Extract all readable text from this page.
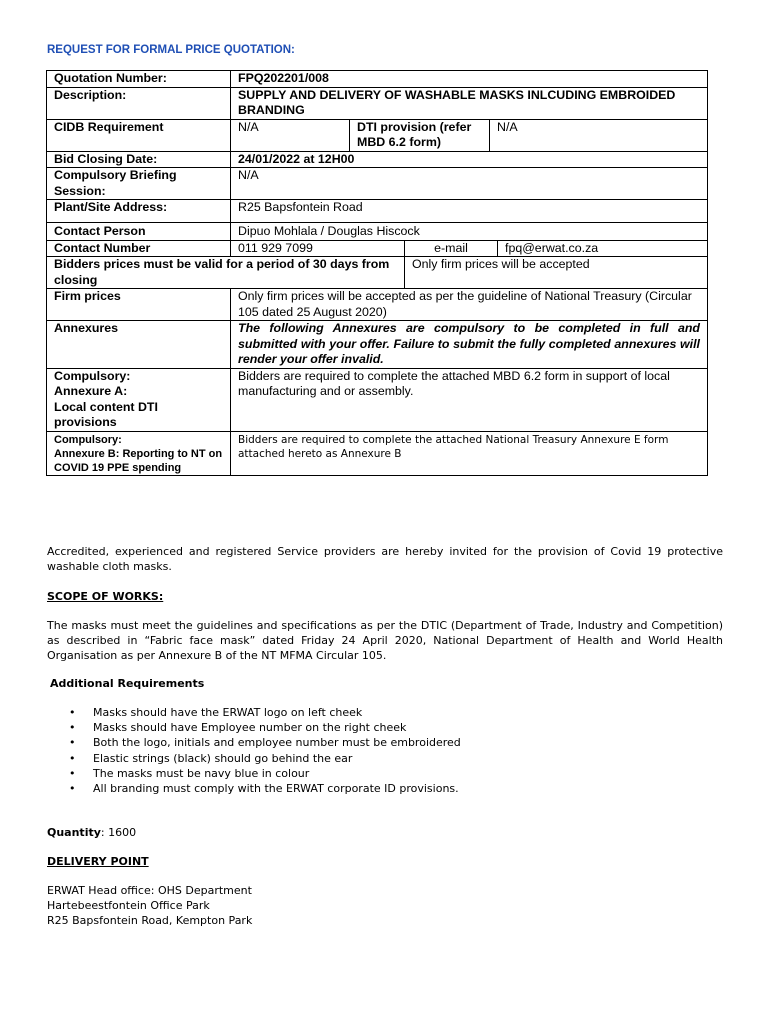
REQUEST FOR FORMAL PRICE QUOTATION:
Quotation Number:	FPQ202201/008				
Description:	SUPPLY AND DELIVERY OF WASHABLE MASKS INLCUDING EMBROIDED BRANDING				
CIDB Requirement	N/A	DTI provision (refer MBD 6.2 form)		N/A	
Bid Closing Date:	24/01/2022 at 12H00				
Compulsory Briefing Session:	N/A				
Plant/Site Address:	R25 Bapsfontein Road				
Contact Person	Dipuo Mohlala / Douglas Hiscock				
Contact Number	011 929 7099		e-mail		fpq@erwat.co.za
Bidders prices must be valid for a period of 30 days from closing			Only firm prices will be accepted		
Firm prices	Only firm prices will be accepted as per the guideline of National Treasury (Circular 105 dated 25 August 2020)				
Annexures	The following Annexures are compulsory to be completed in full and submitted with your offer. Failure to submit the fully completed annexures will render your offer invalid.				

Compulsory:
Annexure A:
Local content DTI provisions	Bidders are required to complete the attached MBD 6.2 form in support of local manufacturing and or assembly.				

Compulsory:
Annexure B: Reporting to NT on COVID 19 PPE spending	Bidders are required to complete the attached National Treasury Annexure E form attached hereto as Annexure B				
Accredited, experienced and registered Service providers are hereby invited for the provision of Covid 19 protective washable cloth masks.
SCOPE OF WORKS:
The masks must meet the guidelines and specifications as per the DTIC (Department of Trade, Industry and Competition) as described in “Fabric face mask” dated Friday 24 April 2020, National Department of Health and World Health Organisation as per Annexure B of the NT MFMA Circular 105.
Additional Requirements
• Masks should have the ERWAT logo on left cheek
• Masks should have Employee number on the right cheek
• Both the logo, initials and employee number must be embroidered
• Elastic strings (black) should go behind the ear
• The masks must be navy blue in colour
• All branding must comply with the ERWAT corporate ID provisions.
Quantity: 1600
DELIVERY POINT
ERWAT Head office: OHS Department
Hartebeestfontein Office Park
R25 Bapsfontein Road, Kempton Park
